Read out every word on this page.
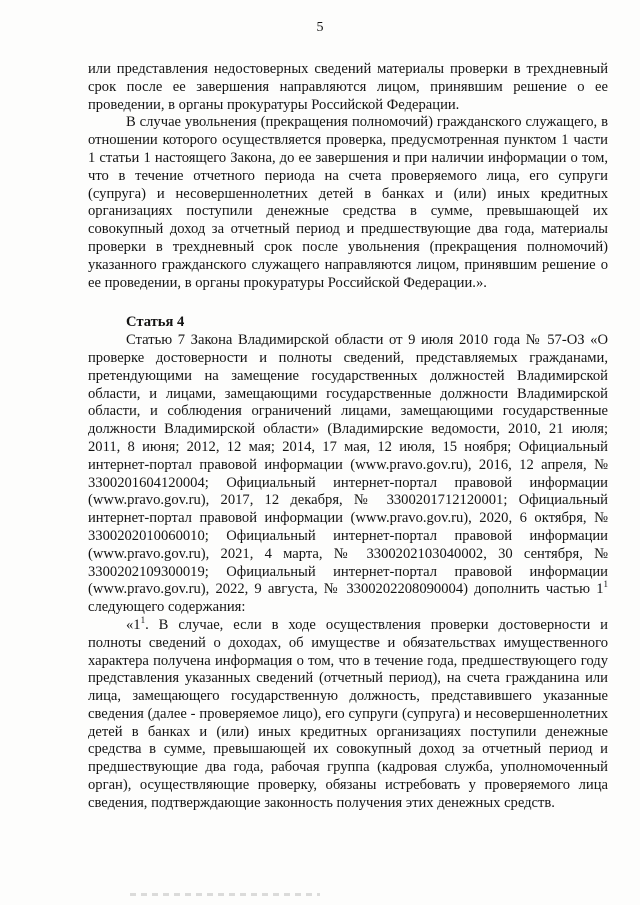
5

или представления недостоверных сведений материалы проверки в трехдневный срок после ее завершения направляются лицом, принявшим решение о ее проведении, в органы прокуратуры Российской Федерации.

В случае увольнения (прекращения полномочий) гражданского служащего, в отношении которого осуществляется проверка, предусмотренная пунктом 1 части 1 статьи 1 настоящего Закона, до ее завершения и при наличии информации о том, что в течение отчетного периода на счета проверяемого лица, его супруги (супруга) и несовершеннолетних детей в банках и (или) иных кредитных организациях поступили денежные средства в сумме, превышающей их совокупный доход за отчетный период и предшествующие два года, материалы проверки в трехдневный срок после увольнения (прекращения полномочий) указанного гражданского служащего направляются лицом, принявшим решение о ее проведении, в органы прокуратуры Российской Федерации.».

Статья 4

Статью 7 Закона Владимирской области от 9 июля 2010 года № 57-ОЗ «О проверке достоверности и полноты сведений, представляемых гражданами, претендующими на замещение государственных должностей Владимирской области, и лицами, замещающими государственные должности Владимирской области, и соблюдения ограничений лицами, замещающими государственные должности Владимирской области» (Владимирские ведомости, 2010, 21 июля; 2011, 8 июня; 2012, 12 мая; 2014, 17 мая, 12 июля, 15 ноября; Официальный интернет-портал правовой информации (www.pravo.gov.ru), 2016, 12 апреля, № 3300201604120004; Официальный интернет-портал правовой информации (www.pravo.gov.ru), 2017, 12 декабря, № 3300201712120001; Официальный интернет-портал правовой информации (www.pravo.gov.ru), 2020, 6 октября, № 3300202010060010; Официальный интернет-портал правовой информации (www.pravo.gov.ru), 2021, 4 марта, № 3300202103040002, 30 сентября, № 3300202109300019; Официальный интернет-портал правовой информации (www.pravo.gov.ru), 2022, 9 августа, № 3300202208090004) дополнить частью $1^1$ следующего содержания:

«$1^1$. В случае, если в ходе осуществления проверки достоверности и полноты сведений о доходах, об имуществе и обязательствах имущественного характера получена информация о том, что в течение года, предшествующего году представления указанных сведений (отчетный период), на счета гражданина или лица, замещающего государственную должность, представившего указанные сведения (далее - проверяемое лицо), его супруги (супруга) и несовершеннолетних детей в банках и (или) иных кредитных организациях поступили денежные средства в сумме, превышающей их совокупный доход за отчетный период и предшествующие два года, рабочая группа (кадровая служба, уполномоченный орган), осуществляющие проверку, обязаны истребовать у проверяемого лица сведения, подтверждающие законность получения этих денежных средств.
